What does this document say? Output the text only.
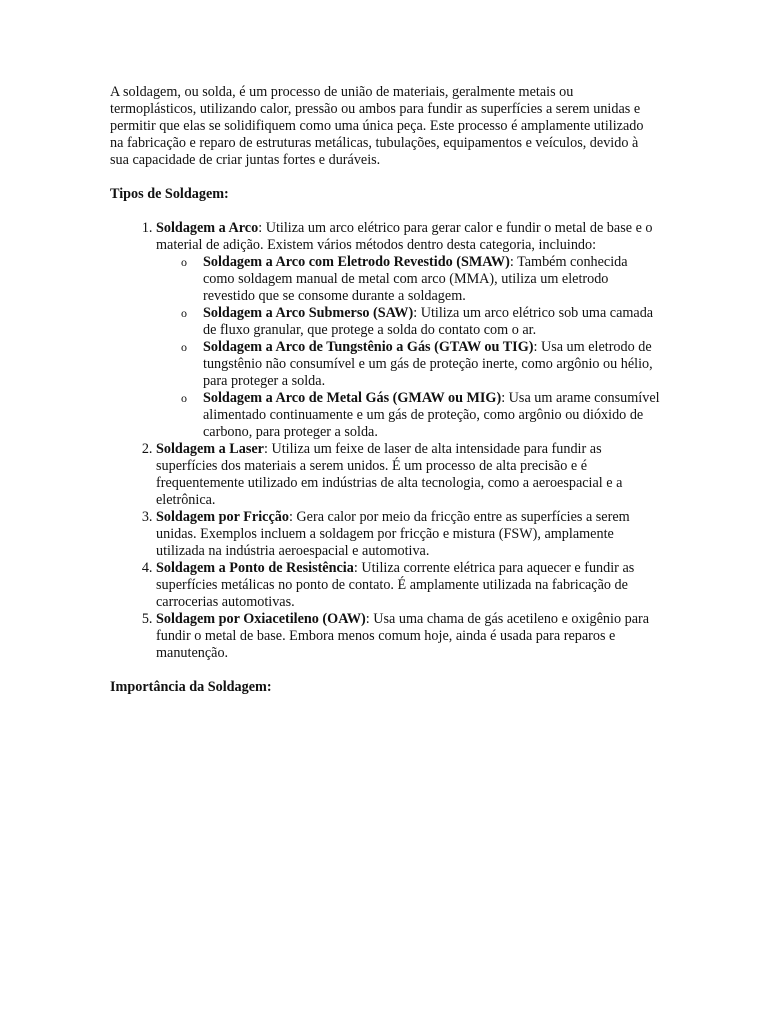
A soldagem, ou solda, é um processo de união de materiais, geralmente metais ou termoplásticos, utilizando calor, pressão ou ambos para fundir as superfícies a serem unidas e permitir que elas se solidifiquem como uma única peça. Este processo é amplamente utilizado na fabricação e reparo de estruturas metálicas, tubulações, equipamentos e veículos, devido à sua capacidade de criar juntas fortes e duráveis.

Tipos de Soldagem:

1. Soldagem a Arco: Utiliza um arco elétrico para gerar calor e fundir o metal de base e o material de adição. Existem vários métodos dentro desta categoria, incluindo:
o Soldagem a Arco com Eletrodo Revestido (SMAW): Também conhecida como soldagem manual de metal com arco (MMA), utiliza um eletrodo revestido que se consome durante a soldagem.
o Soldagem a Arco Submerso (SAW): Utiliza um arco elétrico sob uma camada de fluxo granular, que protege a solda do contato com o ar.
o Soldagem a Arco de Tungstênio a Gás (GTAW ou TIG): Usa um eletrodo de tungstênio não consumível e um gás de proteção inerte, como argônio ou hélio, para proteger a solda.
o Soldagem a Arco de Metal Gás (GMAW ou MIG): Usa um arame consumível alimentado continuamente e um gás de proteção, como argônio ou dióxido de carbono, para proteger a solda.
2. Soldagem a Laser: Utiliza um feixe de laser de alta intensidade para fundir as superfícies dos materiais a serem unidos. É um processo de alta precisão e é frequentemente utilizado em indústrias de alta tecnologia, como a aeroespacial e a eletrônica.
3. Soldagem por Fricção: Gera calor por meio da fricção entre as superfícies a serem unidas. Exemplos incluem a soldagem por fricção e mistura (FSW), amplamente utilizada na indústria aeroespacial e automotiva.
4. Soldagem a Ponto de Resistência: Utiliza corrente elétrica para aquecer e fundir as superfícies metálicas no ponto de contato. É amplamente utilizada na fabricação de carrocerias automotivas.
5. Soldagem por Oxiacetileno (OAW): Usa uma chama de gás acetileno e oxigênio para fundir o metal de base. Embora menos comum hoje, ainda é usada para reparos e manutenção.

Importância da Soldagem:
